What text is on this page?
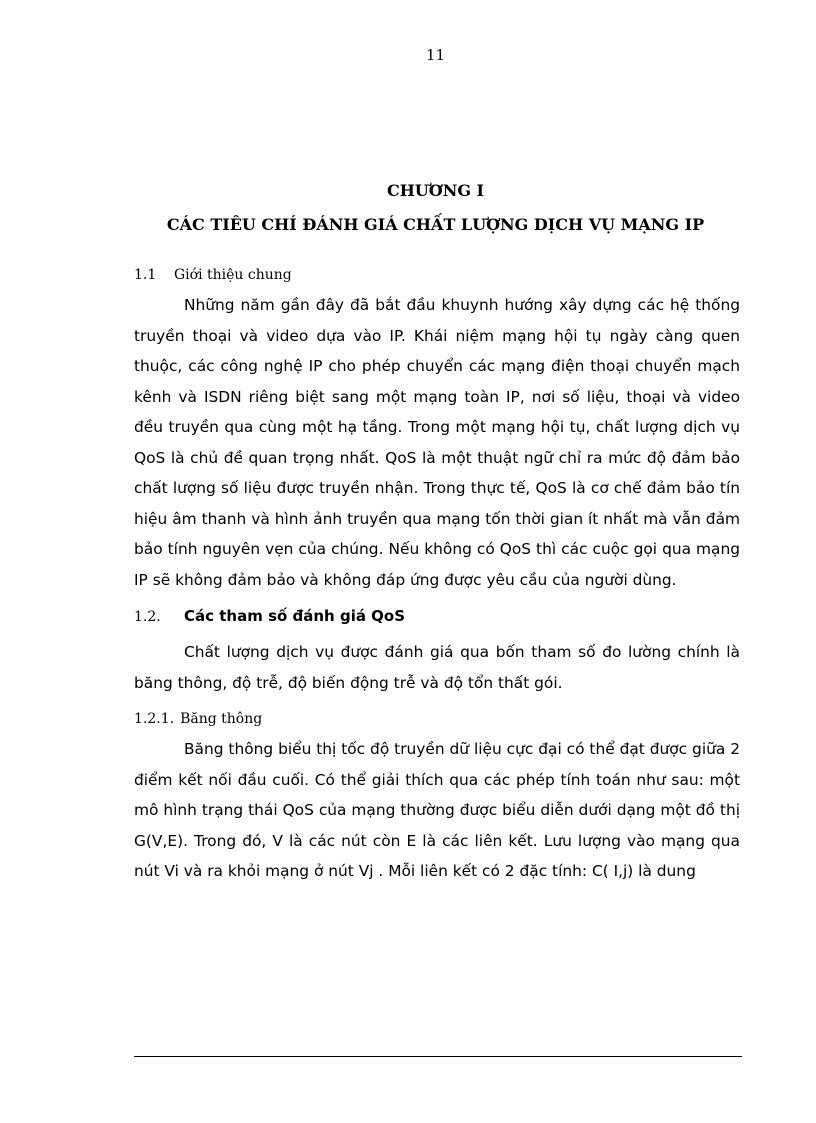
11
CHƯƠNG I
CÁC TIÊU CHÍ ĐÁNH GIÁ CHẤT LƯỢNG DỊCH VỤ MẠNG IP
1.1 Giới thiệu chung

Những năm gần đây đã bắt đầu khuynh hướng xây dựng các hệ thống truyền thoại và video dựa vào IP. Khái niệm mạng hội tụ ngày càng quen thuộc, các công nghệ IP cho phép chuyển các mạng điện thoại chuyển mạch kênh và ISDN riêng biệt sang một mạng toàn IP, nơi số liệu, thoại và video đều truyền qua cùng một hạ tầng. Trong một mạng hội tụ, chất lượng dịch vụ QoS là chủ đề quan trọng nhất. QoS là một thuật ngữ chỉ ra mức độ đảm bảo chất lượng số liệu được truyền nhận. Trong thực tế, QoS là cơ chế đảm bảo tín hiệu âm thanh và hình ảnh truyền qua mạng tốn thời gian ít nhất mà vẫn đảm bảo tính nguyên vẹn của chúng. Nếu không có QoS thì các cuộc gọi qua mạng IP sẽ không đảm bảo và không đáp ứng được yêu cầu của người dùng.

1.2. Các tham số đánh giá QoS

Chất lượng dịch vụ được đánh giá qua bốn tham số đo lường chính là băng thông, độ trễ, độ biến động trễ và độ tổn thất gói.

1.2.1. Băng thông

Băng thông biểu thị tốc độ truyền dữ liệu cực đại có thể đạt được giữa 2 điểm kết nối đầu cuối. Có thể giải thích qua các phép tính toán như sau: một mô hình trạng thái QoS của mạng thường được biểu diễn dưới dạng một đồ thị G(V,E). Trong đó, V là các nút còn E là các liên kết. Lưu lượng vào mạng qua nút Vi và ra khỏi mạng ở nút Vj . Mỗi liên kết có 2 đặc tính: C( I,j) là dung
